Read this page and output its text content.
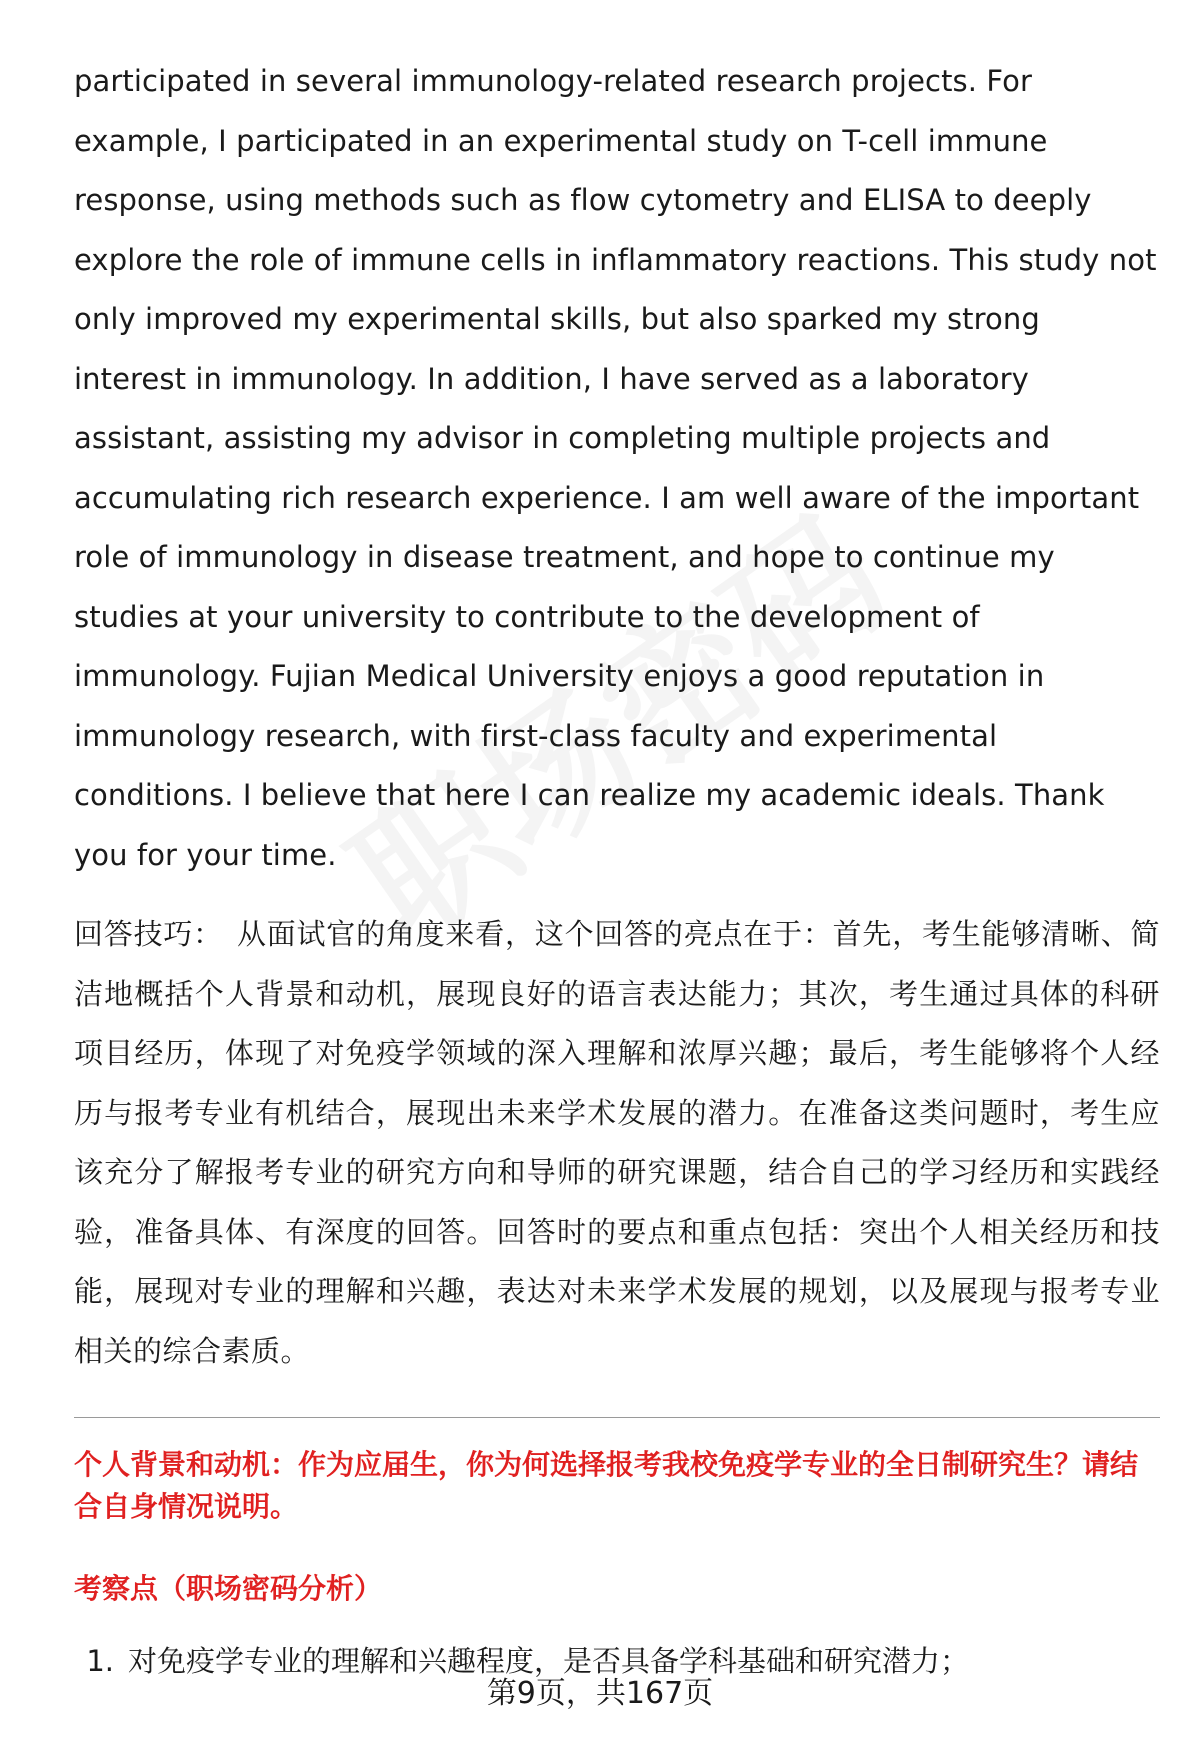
participated in several immunology-related research projects. For example, I participated in an experimental study on T-cell immune response, using methods such as flow cytometry and ELISA to deeply explore the role of immune cells in inflammatory reactions. This study not only improved my experimental skills, but also sparked my strong interest in immunology. In addition, I have served as a laboratory assistant, assisting my advisor in completing multiple projects and accumulating rich research experience. I am well aware of the important role of immunology in disease treatment, and hope to continue my studies at your university to contribute to the development of immunology. Fujian Medical University enjoys a good reputation in immunology research, with first-class faculty and experimental conditions. I believe that here I can realize my academic ideals. Thank you for your time.

回答技巧： 从面试官的角度来看，这个回答的亮点在于：首先，考生能够清晰、简洁地概括个人背景和动机，展现良好的语言表达能力；其次，考生通过具体的科研项目经历，体现了对免疫学领域的深入理解和浓厚兴趣；最后，考生能够将个人经历与报考专业有机结合，展现出未来学术发展的潜力。在准备这类问题时，考生应该充分了解报考专业的研究方向和导师的研究课题，结合自己的学习经历和实践经验，准备具体、有深度的回答。回答时的要点和重点包括：突出个人相关经历和技能，展现对专业的理解和兴趣，表达对未来学术发展的规划，以及展现与报考专业相关的综合素质。

个人背景和动机：作为应届生，你为何选择报考我校免疫学专业的全日制研究生？请结合自身情况说明。
考察点（职场密码分析）
1. 对免疫学专业的理解和兴趣程度，是否具备学科基础和研究潜力；
第9页，共167页
